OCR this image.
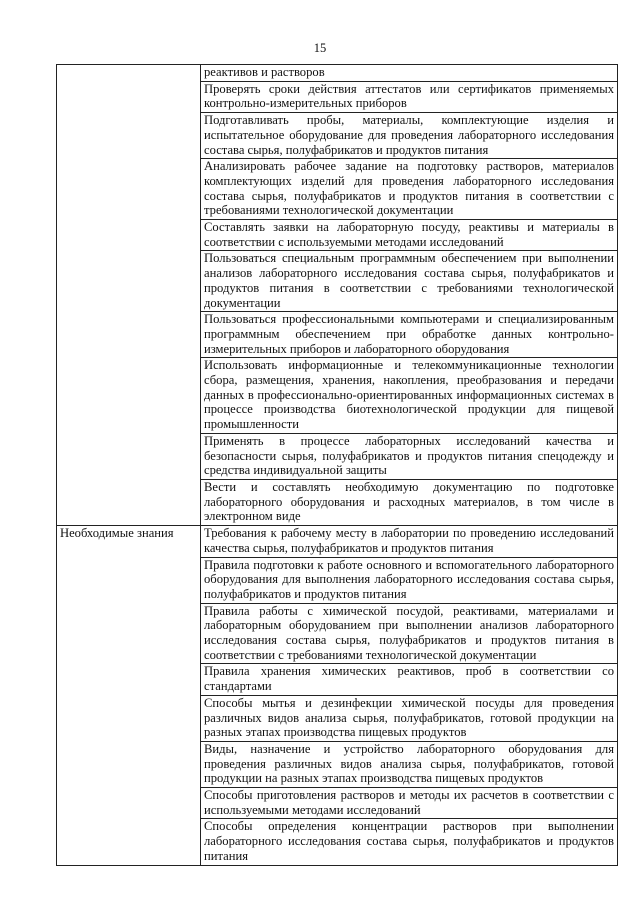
15
	реактивов и растворов
	Проверять сроки действия аттестатов или сертификатов применяемых контрольно-измерительных приборов
	Подготавливать пробы, материалы, комплектующие изделия и испытательное оборудование для проведения лабораторного исследования состава сырья, полуфабрикатов и продуктов питания
	Анализировать рабочее задание на подготовку растворов, материалов комплектующих изделий для проведения лабораторного исследования состава сырья, полуфабрикатов и продуктов питания в соответствии с требованиями технологической документации
	Составлять заявки на лабораторную посуду, реактивы и материалы в соответствии с используемыми методами исследований
	Пользоваться специальным программным обеспечением при выполнении анализов лабораторного исследования состава сырья, полуфабрикатов и продуктов питания в соответствии с требованиями технологической документации
	Пользоваться профессиональными компьютерами и специализированным программным обеспечением при обработке данных контрольно-измерительных приборов и лабораторного оборудования
	Использовать информационные и телекоммуникационные технологии сбора, размещения, хранения, накопления, преобразования и передачи данных в профессионально-ориентированных информационных системах в процессе производства биотехнологической продукции для пищевой промышленности
	Применять в процессе лабораторных исследований качества и безопасности сырья, полуфабрикатов и продуктов питания спецодежду и средства индивидуальной защиты
	Вести и составлять необходимую документацию по подготовке лабораторного оборудования и расходных материалов, в том числе в электронном виде

Необходимые знания	Требования к рабочему месту в лаборатории по проведению исследований качества сырья, полуфабрикатов и продуктов питания
	Правила подготовки к работе основного и вспомогательного лабораторного оборудования для выполнения лабораторного исследования состава сырья, полуфабрикатов и продуктов питания
	Правила работы с химической посудой, реактивами, материалами и лабораторным оборудованием при выполнении анализов лабораторного исследования состава сырья, полуфабрикатов и продуктов питания в соответствии с требованиями технологической документации
	Правила хранения химических реактивов, проб в соответствии со стандартами
	Способы мытья и дезинфекции химической посуды для проведения различных видов анализа сырья, полуфабрикатов, готовой продукции на разных этапах производства пищевых продуктов
	Виды, назначение и устройство лабораторного оборудования для проведения различных видов анализа сырья, полуфабрикатов, готовой продукции на разных этапах производства пищевых продуктов
	Способы приготовления растворов и методы их расчетов в соответствии с используемыми методами исследований
	Способы определения концентрации растворов при выполнении лабораторного исследования состава сырья, полуфабрикатов и продуктов питания
